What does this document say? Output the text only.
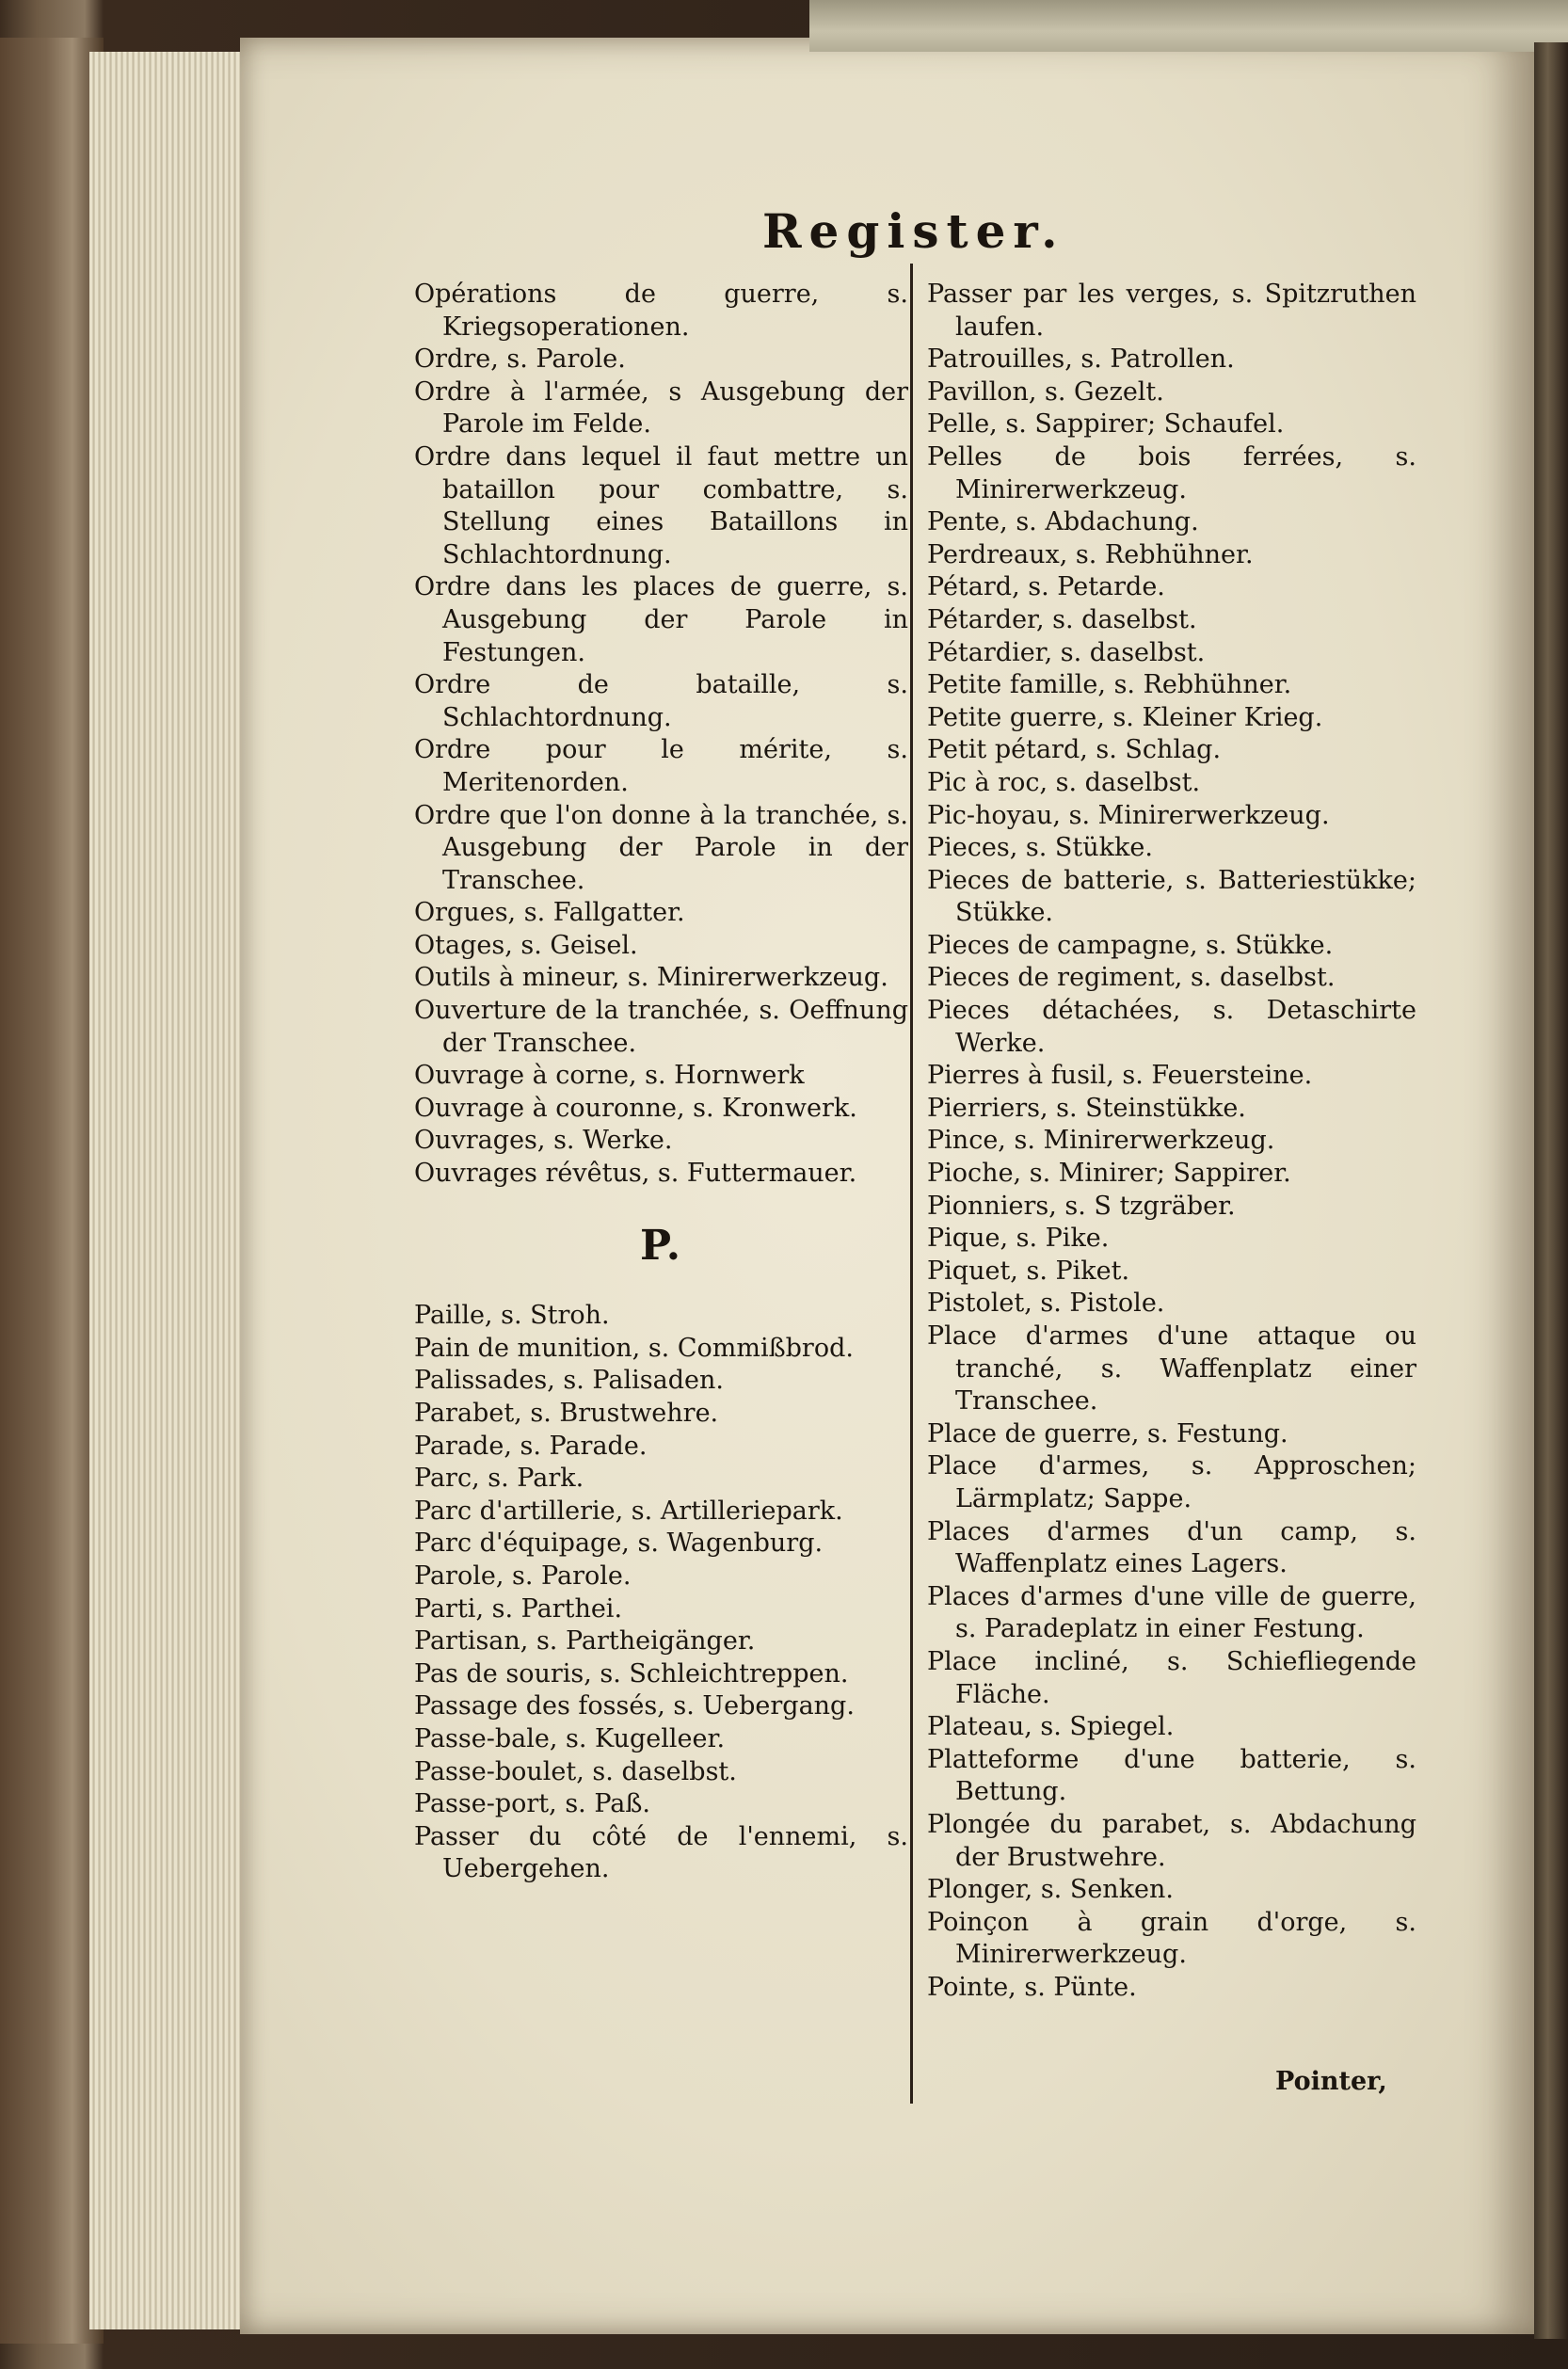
Register.

Opérations de guerre, s. Kriegsoperationen.

Ordre, s. Parole.

Ordre à l'armée, s Ausgebung der Parole im Felde.

Ordre dans lequel il faut mettre un bataillon pour combattre, s. Stellung eines Bataillons in Schlachtordnung.

Ordre dans les places de guerre, s. Ausgebung der Parole in Festungen.

Ordre de bataille, s. Schlachtordnung.

Ordre pour le mérite, s. Meritenorden.

Ordre que l'on donne à la tranchée, s. Ausgebung der Parole in der Transchee.

Orgues, s. Fallgatter.

Otages, s. Geisel.

Outils à mineur, s. Minirerwerkzeug.

Ouverture de la tranchée, s. Oeffnung der Transchee.

Ouvrage à corne, s. Hornwerk

Ouvrage à couronne, s. Kronwerk.

Ouvrages, s. Werke.

Ouvrages révêtus, s. Futtermauer.

P.

Paille, s. Stroh.

Pain de munition, s. Commißbrod.

Palissades, s. Palisaden.

Parabet, s. Brustwehre.

Parade, s. Parade.

Parc, s. Park.

Parc d'artillerie, s. Artilleriepark.

Parc d'équipage, s. Wagenburg.

Parole, s. Parole.

Parti, s. Parthei.

Partisan, s. Partheigänger.

Pas de souris, s. Schleichtreppen.

Passage des fossés, s. Uebergang.

Passe-bale, s. Kugelleer.

Passe-boulet, s. daselbst.

Passe-port, s. Paß.

Passer du côté de l'ennemi, s. Uebergehen.

Passer par les verges, s. Spitzruthen laufen.

Patrouilles, s. Patrollen.

Pavillon, s. Gezelt.

Pelle, s. Sappirer; Schaufel.

Pelles de bois ferrées, s. Minirerwerkzeug.

Pente, s. Abdachung.

Perdreaux, s. Rebhühner.

Pétard, s. Petarde.

Pétarder, s. daselbst.

Pétardier, s. daselbst.

Petite famille, s. Rebhühner.

Petite guerre, s. Kleiner Krieg.

Petit pétard, s. Schlag.

Pic à roc, s. daselbst.

Pic-hoyau, s. Minirerwerkzeug.

Pieces, s. Stükke.

Pieces de batterie, s. Batteriestükke; Stükke.

Pieces de campagne, s. Stükke.

Pieces de regiment, s. daselbst.

Pieces détachées, s. Detaschirte Werke.

Pierres à fusil, s. Feuersteine.

Pierriers, s. Steinstükke.

Pince, s. Minirerwerkzeug.

Pioche, s. Minirer; Sappirer.

Pionniers, s. S tzgräber.

Pique, s. Pike.

Piquet, s. Piket.

Pistolet, s. Pistole.

Place d'armes d'une attaque ou tranché, s. Waffenplatz einer Transchee.

Place de guerre, s. Festung.

Place d'armes, s. Approschen; Lärmplatz; Sappe.

Places d'armes d'un camp, s. Waffenplatz eines Lagers.

Places d'armes d'une ville de guerre, s. Paradeplatz in einer Festung.

Place incliné, s. Schiefliegende Fläche.

Plateau, s. Spiegel.

Platteforme d'une batterie, s. Bettung.

Plongée du parabet, s. Abdachung der Brustwehre.

Plonger, s. Senken.

Poinçon à grain d'orge, s. Minirerwerkzeug.

Pointe, s. Pünte.

Pointer,
